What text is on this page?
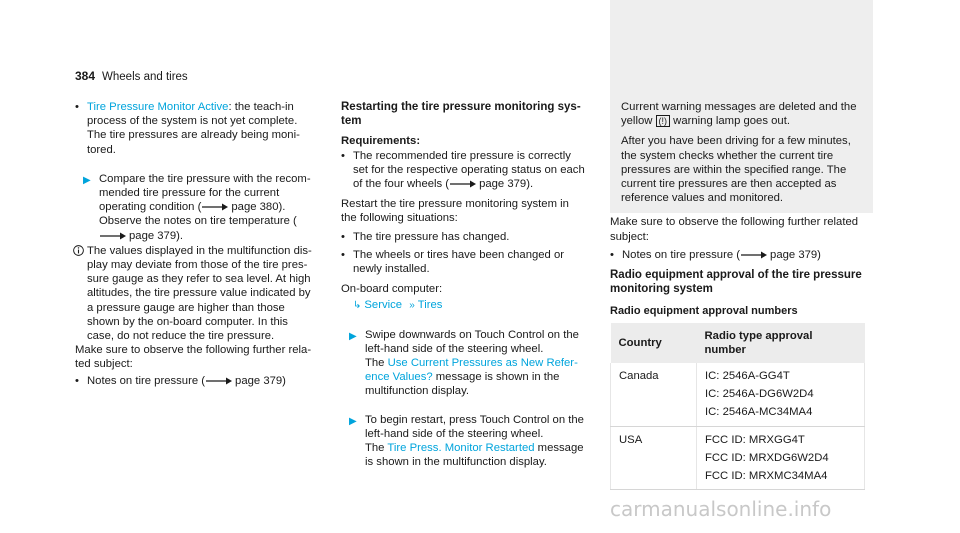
384 Wheels and tires

• Tire Pressure Monitor Active: the teach-in process of the system is not yet complete. The tire pressures are already being monitored.

▶ Compare the tire pressure with the recommended tire pressure for the current operating condition (	page 380). Observe the notes on tire temperature (page 379).

The values displayed in the multifunction display may deviate from those of the tire pressure gauge as they refer to sea level. At high altitudes, the tire pressure value indicated by a pressure gauge are higher than those shown by the on-board computer. In this case, do not reduce the tire pressure.

Make sure to observe the following further related subject:

• Notes on tire pressure (	page 379)

Restarting the tire pressure monitoring system

Requirements:

• The recommended tire pressure is correctly set for the respective operating status on each of the four wheels (	page 379).

Restart the tire pressure monitoring system in the following situations:

• The tire pressure has changed.

• The wheels or tires have been changed or newly installed.

On-board computer:

↳ Service » Tires

▶ Swipe downwards on Touch Control on the left-hand side of the steering wheel.
The Use Current Pressures as New Reference Values? message is shown in the multifunction display.

▶ To begin restart, press Touch Control on the left-hand side of the steering wheel.
The Tire Press. Monitor Restarted message is shown in the multifunction display.

Current warning messages are deleted and the yellow (!) warning lamp goes out.

After you have been driving for a few minutes, the system checks whether the current tire pressures are within the specified range. The current tire pressures are then accepted as reference values and monitored.

Make sure to observe the following further related subject:

• Notes on tire pressure (	page 379)

Radio equipment approval of the tire pressure monitoring system
Radio equipment approval numbers
Country	Radio type approval number
Canada	IC: 2546A-GG4T
IC: 2546A-DG6W2D4
IC: 2546A-MC34MA4

USA	FCC ID: MRXGG4T
FCC ID: MRXDG6W2D4
FCC ID: MRXMC34MA4
carmanualsonline.info
